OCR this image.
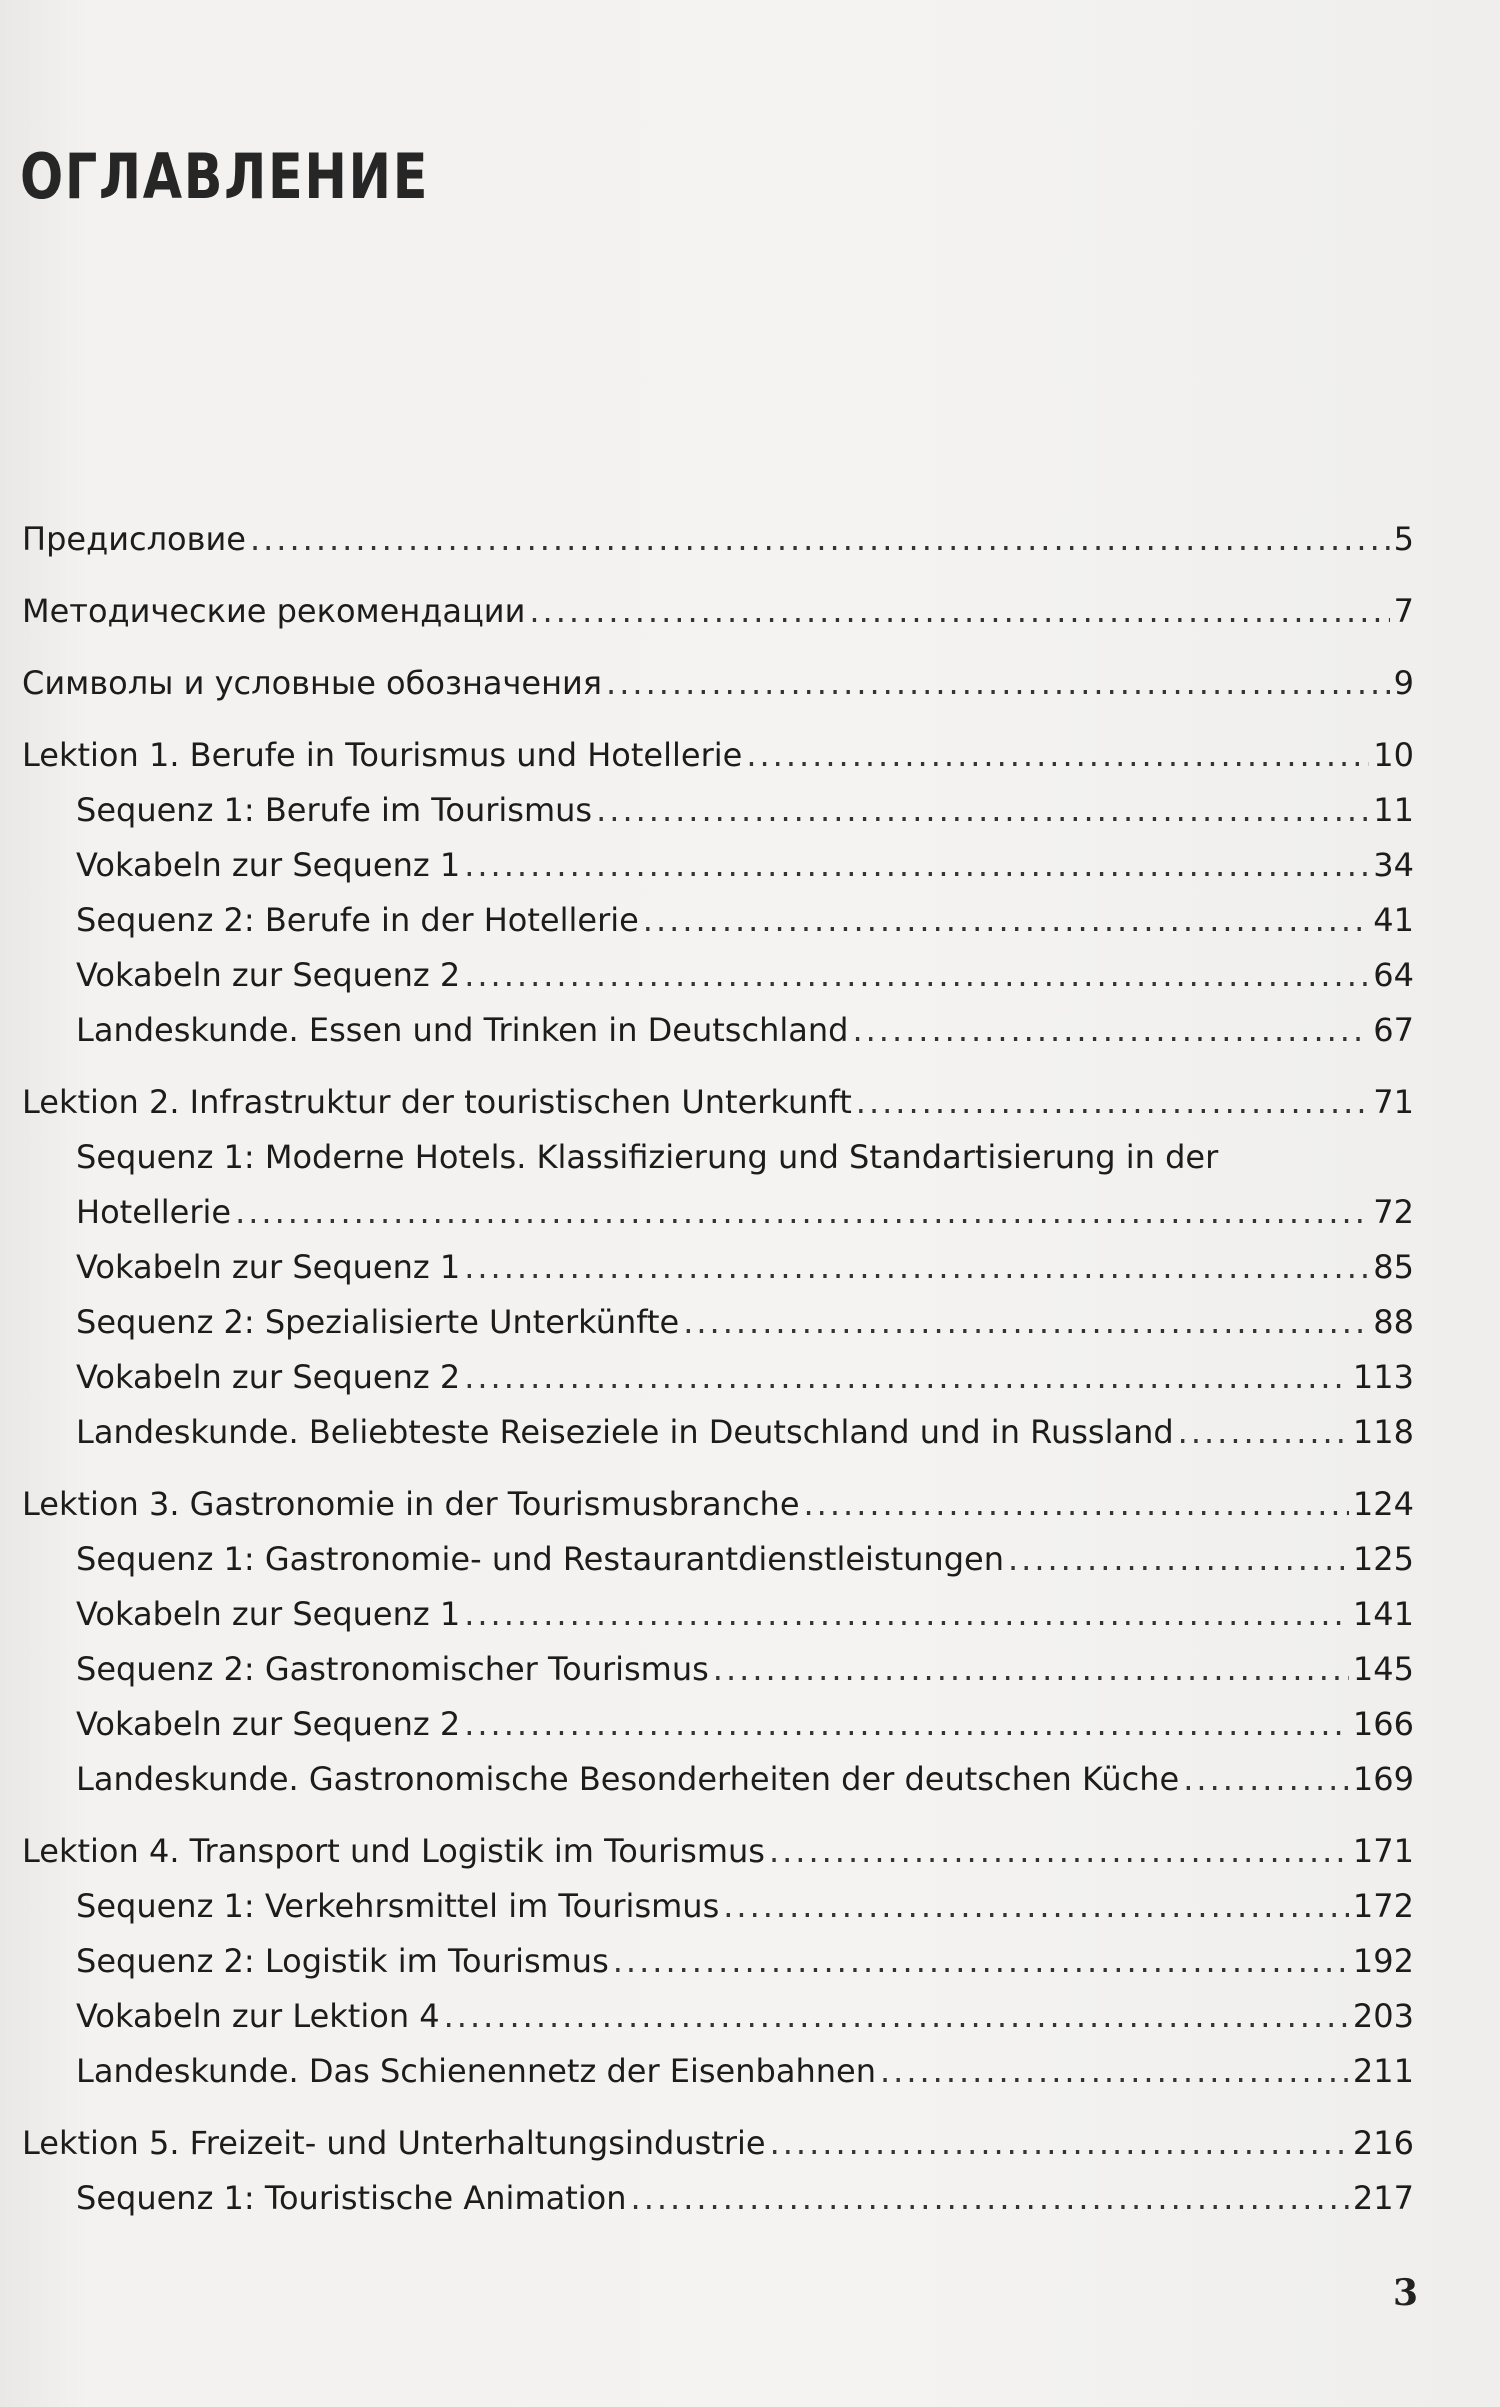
ОГЛАВЛЕНИЕ
Предисловие .....	5
Методические рекомендации .....	7
Символы и условные обозначения .....	9
Lektion 1. Berufe in Tourismus und Hotellerie .....	10
Sequenz 1: Berufe im Tourismus .....	11
Vokabeln zur Sequenz 1 .....	34
Sequenz 2: Berufe in der Hotellerie .....	41
Vokabeln zur Sequenz 2 .....	64
Landeskunde. Essen und Trinken in Deutschland .....	67
Lektion 2. Infrastruktur der touristischen Unterkunft .....	71
Sequenz 1: Moderne Hotels. Klassifizierung und Standartisierung in der
Hotellerie .....	72
Vokabeln zur Sequenz 1 .....	85
Sequenz 2: Spezialisierte Unterkünfte .....	88
Vokabeln zur Sequenz 2 .....	113
Landeskunde. Beliebteste Reiseziele in Deutschland und in Russland .....	118
Lektion 3. Gastronomie in der Tourismusbranche .....	124
Sequenz 1: Gastronomie- und Restaurantdienstleistungen .....	125
Vokabeln zur Sequenz 1 .....	141
Sequenz 2: Gastronomischer Tourismus .....	145
Vokabeln zur Sequenz 2 .....	166
Landeskunde. Gastronomische Besonderheiten der deutschen Küche .....	169
Lektion 4. Transport und Logistik im Tourismus .....	171
Sequenz 1: Verkehrsmittel im Tourismus .....	172
Sequenz 2: Logistik im Tourismus .....	192
Vokabeln zur Lektion 4 .....	203
Landeskunde. Das Schienennetz der Eisenbahnen .....	211
Lektion 5. Freizeit- und Unterhaltungsindustrie .....	216
Sequenz 1: Touristische Animation .....	217
3
